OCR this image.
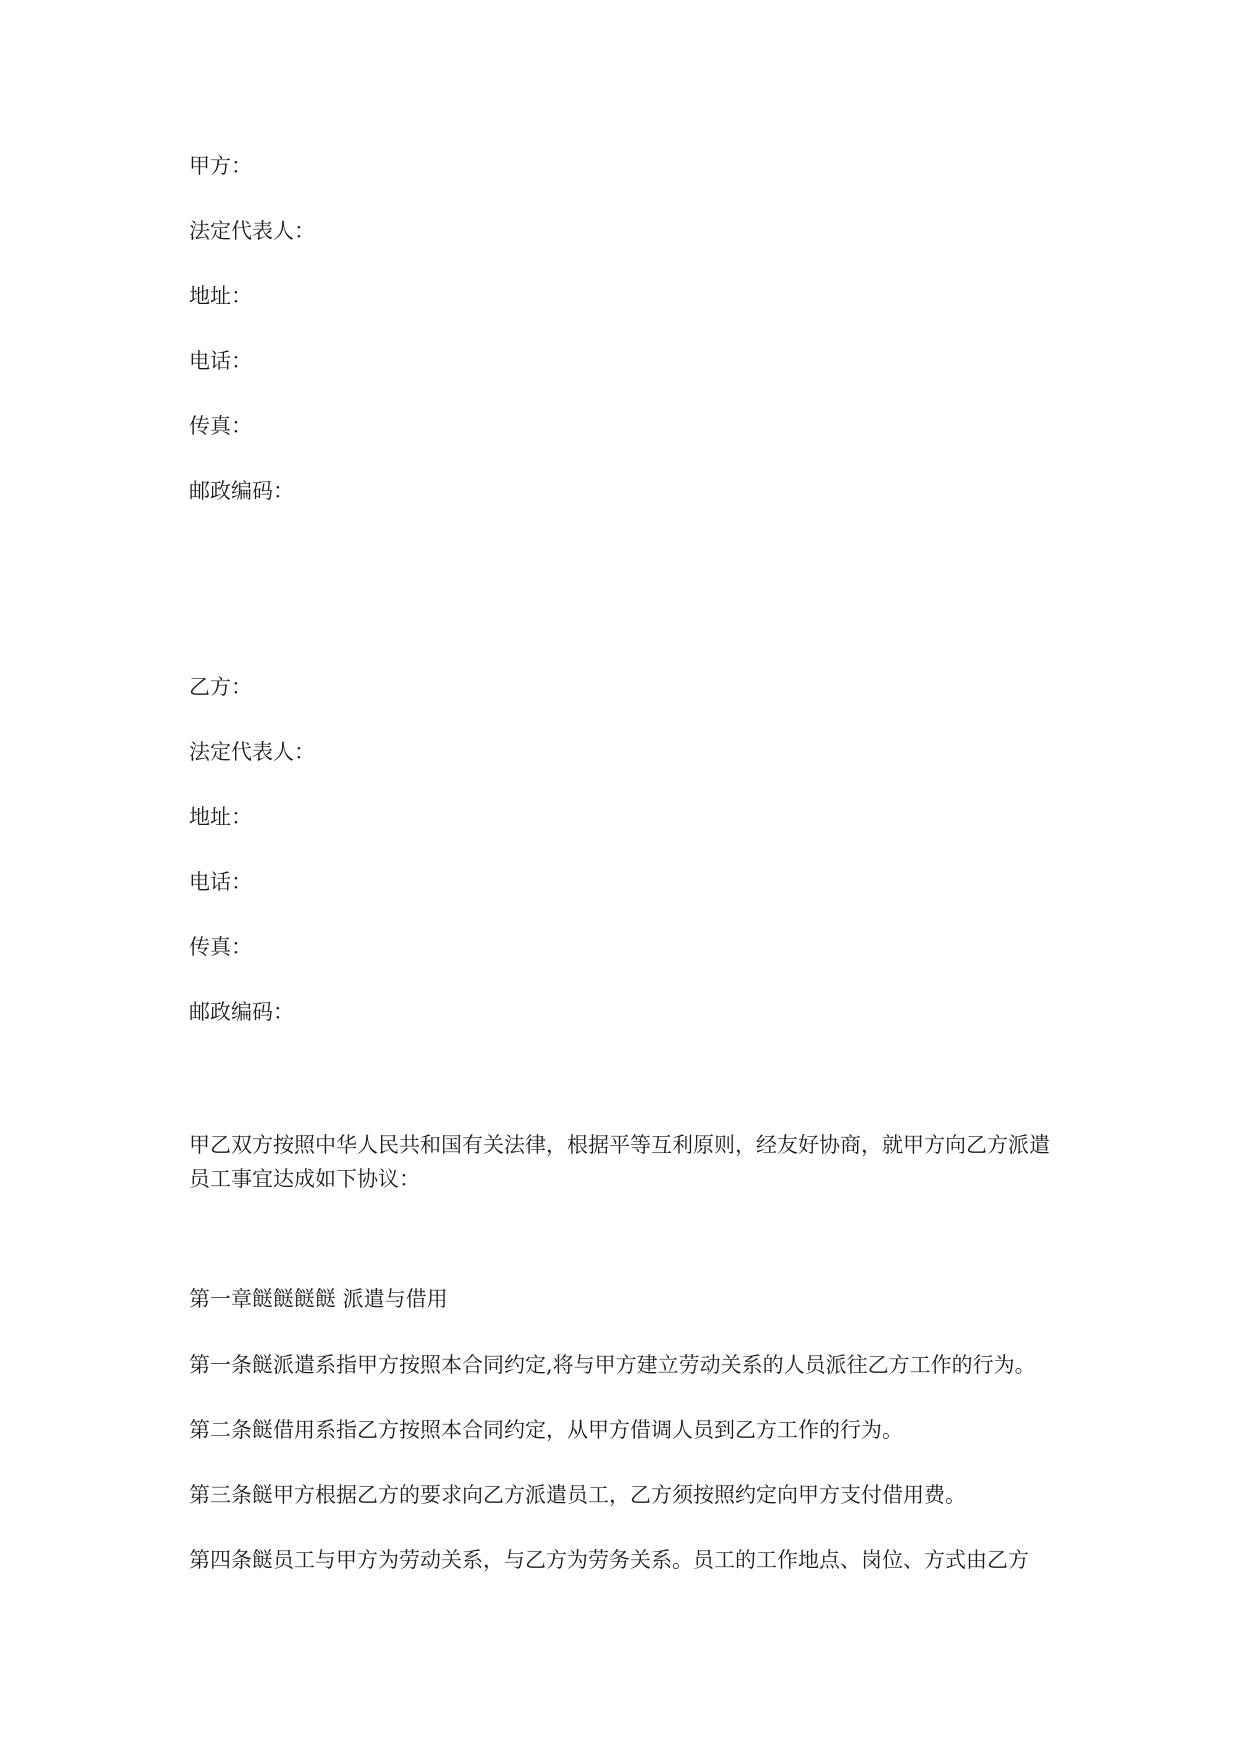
甲方：
法定代表人：
地址：
电话：
传真：
邮政编码：
乙方：
法定代表人：
地址：
电话：
传真：
邮政编码：
甲乙双方按照中华人民共和国有关法律，根据平等互利原则，经友好协商，就甲方向乙方派遣员工事宜达成如下协议：
第一章餸餸餸餸 派遣与借用
第一条餸派遣系指甲方按照本合同约定,将与甲方建立劳动关系的人员派往乙方工作的行为。
第二条餸借用系指乙方按照本合同约定，从甲方借调人员到乙方工作的行为。
第三条餸甲方根据乙方的要求向乙方派遣员工，乙方须按照约定向甲方支付借用费。
第四条餸员工与甲方为劳动关系，与乙方为劳务关系。员工的工作地点、岗位、方式由乙方
